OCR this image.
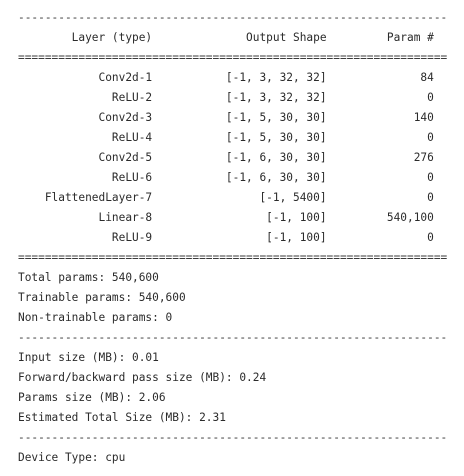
----------------------------------------------------------------
Layer (type)              Output Shape         Param #
================================================================
Conv2d-1           [-1, 3, 32, 32]              84
ReLU-2           [-1, 3, 32, 32]               0
Conv2d-3           [-1, 5, 30, 30]             140
ReLU-4           [-1, 5, 30, 30]               0
Conv2d-5           [-1, 6, 30, 30]             276
ReLU-6           [-1, 6, 30, 30]               0
FlattenedLayer-7                [-1, 5400]               0
Linear-8                 [-1, 100]         540,100
ReLU-9                 [-1, 100]               0
================================================================
Total params: 540,600
Trainable params: 540,600
Non-trainable params: 0
----------------------------------------------------------------
Input size (MB): 0.01
Forward/backward pass size (MB): 0.24
Params size (MB): 2.06
Estimated Total Size (MB): 2.31
----------------------------------------------------------------
Device Type: cpu
